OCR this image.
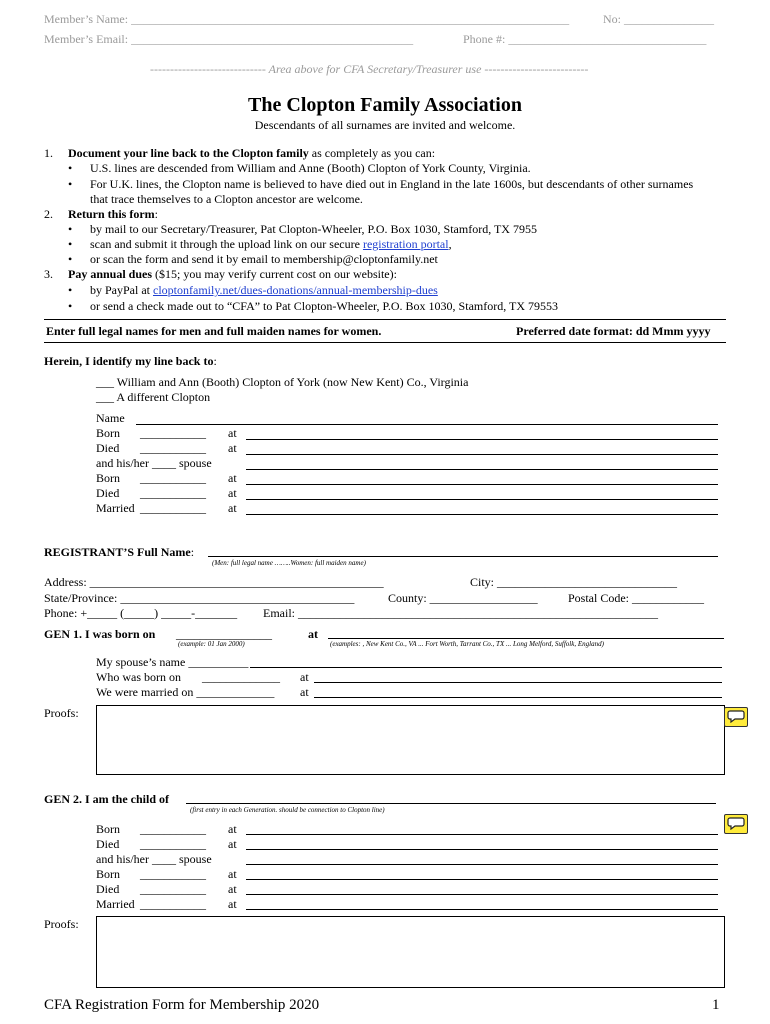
Member’s Name: _________________________________________________________________________	No: _______________
Member’s Email: _______________________________________________	Phone #: _________________________________
----------------------------- Area above for CFA Secretary/Treasurer use --------------------------
The Clopton Family Association
Descendants of all surnames are invited and welcome.
1. Document your line back to the Clopton family as completely as you can:
• U.S. lines are descended from William and Anne (Booth) Clopton of York County, Virginia.
• For U.K. lines, the Clopton name is believed to have died out in England in the late 1600s, but descendants of other surnames
that trace themselves to a Clopton ancestor are welcome.
2. Return this form:
• by mail to our Secretary/Treasurer, Pat Clopton-Wheeler, P.O. Box 1030, Stamford, TX 7955
• scan and submit it through the upload link on our secure registration portal,
• or scan the form and send it by email to membership@cloptonfamily.net
3. Pay annual dues ($15; you may verify current cost on our website):
• by PayPal at cloptonfamily.net/dues-donations/annual-membership-dues
• or send a check made out to “CFA” to Pat Clopton-Wheeler, P.O. Box 1030, Stamford, TX 79553
Enter full legal names for men and full maiden names for women.	Preferred date format: dd Mmm yyyy
Herein, I identify my line back to:
___ William and Ann (Booth) Clopton of York (now New Kent) Co., Virginia
___ A different Clopton
Name
Born ___________ at
Died ___________ at
and his/her ____ spouse
Born ___________ at
Died ___________ at
Married ___________ at
REGISTRANT’S Full Name:
(Men: full legal name ……..Women: full maiden name)
Address: _________________________________________________	City: ______________________________
State/Province: _______________________________________	County: __________________	Postal Code: ____________
Phone: +_____ (_____) _____-_______ Email: ____________________________________________________________
GEN 1. I was born on ________________	at
(example: 01 Jan 2000)	(examples: , New Kent Co., VA ... Fort Worth, Tarrant Co., TX ... Long Melford, Suffolk, England)
My spouse’s name __________
Who was born on _____________ at
We were married on _____________ at
Proofs:
GEN 2. I am the child of
(first entry in each Generation. should be connection to Clopton line)
Born ___________ at
Died ___________ at
and his/her ____ spouse
Born ___________ at
Died ___________ at
Married ___________ at
Proofs:
CFA Registration Form for Membership 2020	1
